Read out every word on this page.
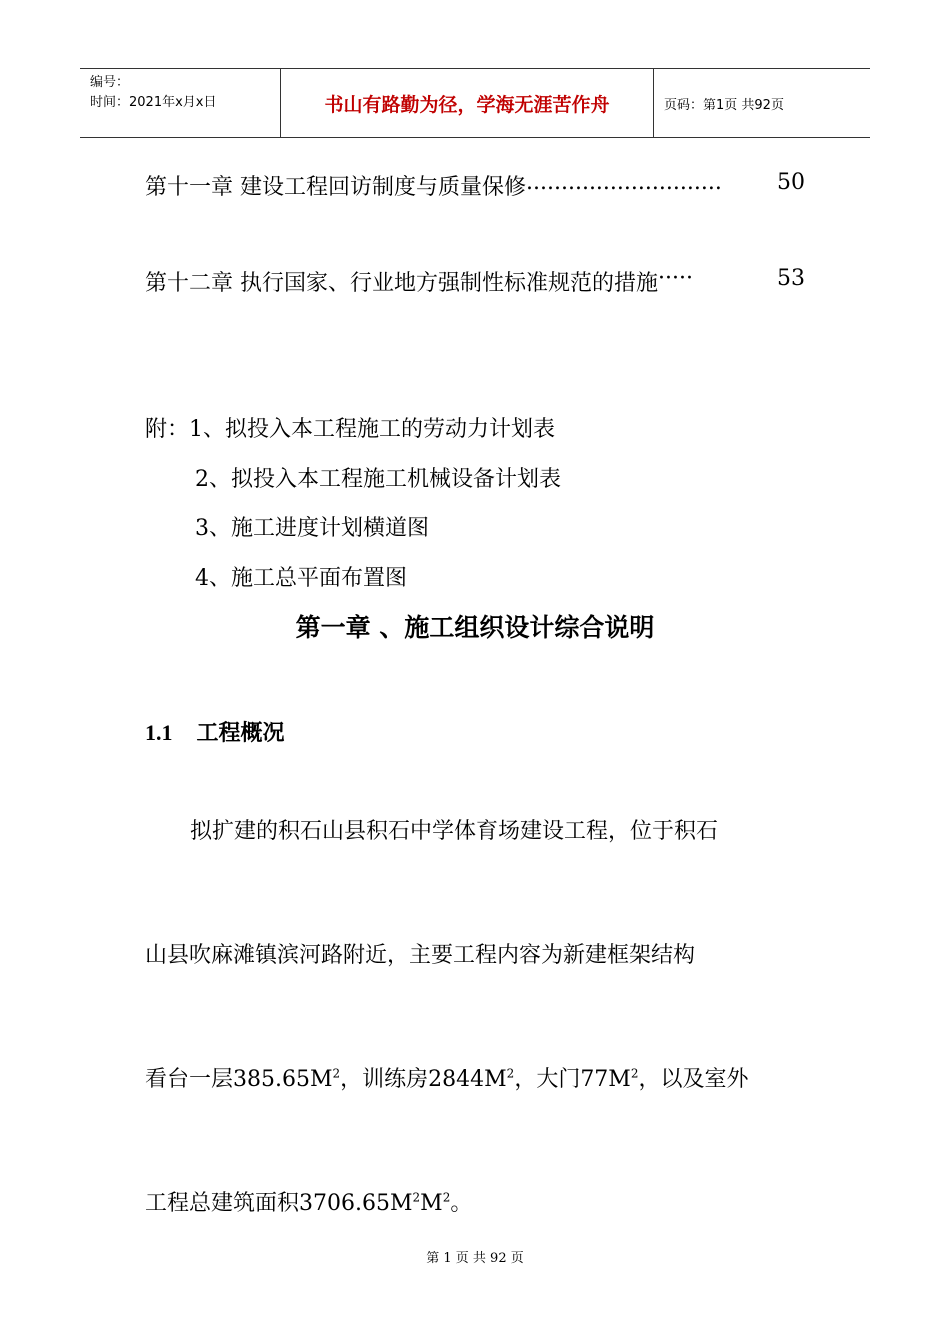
编号：
时间：2021年x月x日	书山有路勤为径，学海无涯苦作舟	页码：第1页 共92页
第十一章 建设工程回访制度与质量保修 ............................	50
第十二章 执行国家、行业地方强制性标准规范的措施 ·····	53
附：1、拟投入本工程施工的劳动力计划表
2、拟投入本工程施工机械设备计划表
3、施工进度计划横道图
4、施工总平面布置图
第一章 、施工组织设计综合说明
1.1 工程概况
拟扩建的积石山县积石中学体育场建设工程，位于积石
山县吹麻滩镇滨河路附近，主要工程内容为新建框架结构
看台一层$385.65M^2$，训练房$2844M^2$，大门$77M^2$，以及室外
工程总建筑面积$3706.65M^2M^2$。
第 1 页 共 92 页
